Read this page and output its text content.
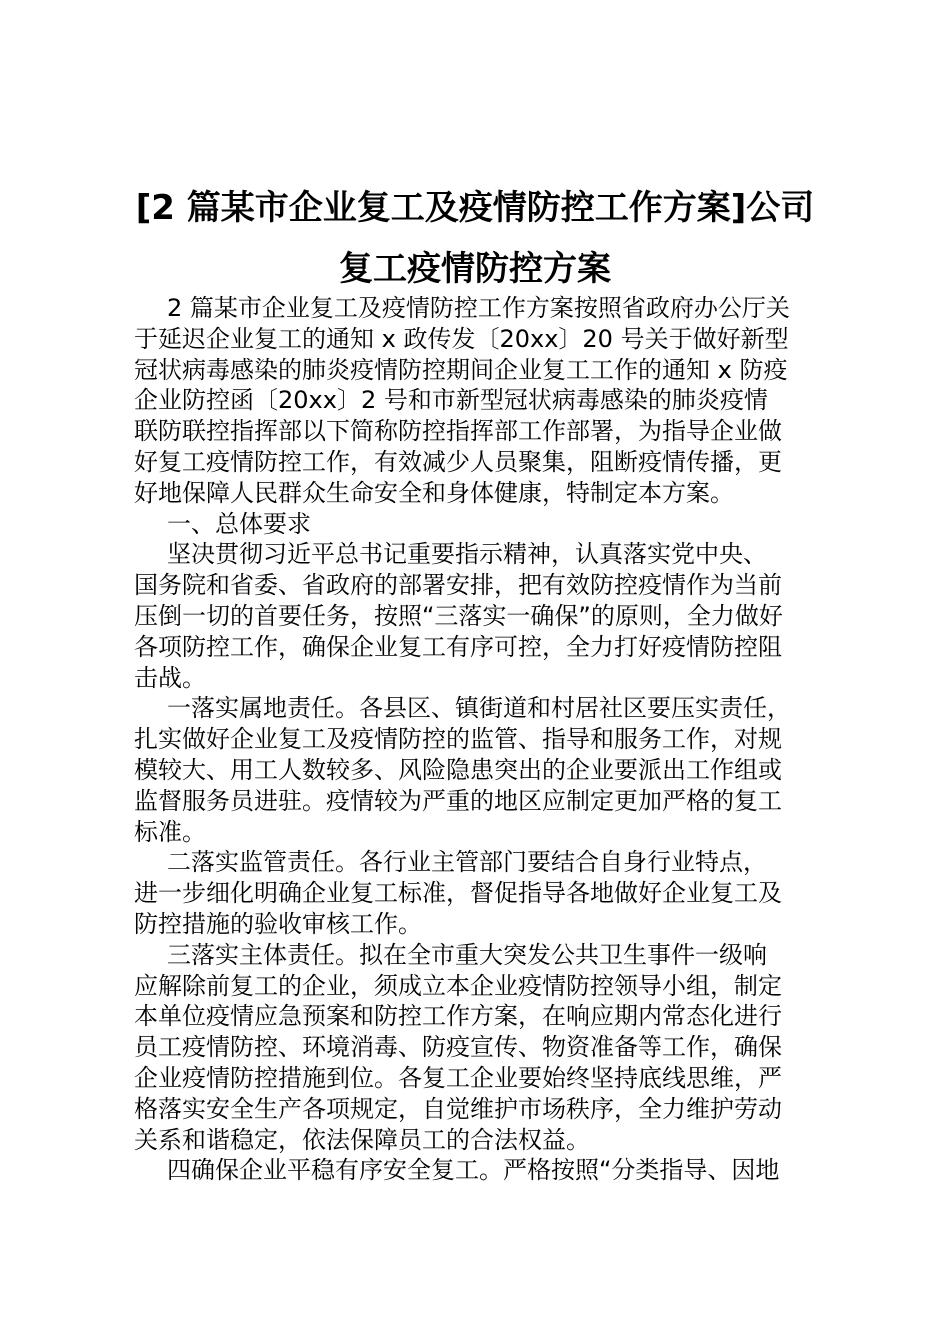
[2 篇某市企业复工及疫情防控工作方案]公司
复工疫情防控方案
2 篇某市企业复工及疫情防控工作方案按照省政府办公厅关
于延迟企业复工的通知 x 政传发〔20xx〕20 号关于做好新型
冠状病毒感染的肺炎疫情防控期间企业复工工作的通知 x 防疫
企业防控函〔20xx〕2 号和市新型冠状病毒感染的肺炎疫情
联防联控指挥部以下简称防控指挥部工作部署，为指导企业做
好复工疫情防控工作，有效减少人员聚集，阻断疫情传播，更
好地保障人民群众生命安全和身体健康，特制定本方案。
一、总体要求
坚决贯彻习近平总书记重要指示精神，认真落实党中央、
国务院和省委、省政府的部署安排，把有效防控疫情作为当前
压倒一切的首要任务，按照“三落实一确保”的原则，全力做好
各项防控工作，确保企业复工有序可控，全力打好疫情防控阻
击战。
一落实属地责任。各县区、镇街道和村居社区要压实责任，
扎实做好企业复工及疫情防控的监管、指导和服务工作，对规
模较大、用工人数较多、风险隐患突出的企业要派出工作组或
监督服务员进驻。疫情较为严重的地区应制定更加严格的复工
标准。
二落实监管责任。各行业主管部门要结合自身行业特点，
进一步细化明确企业复工标准，督促指导各地做好企业复工及
防控措施的验收审核工作。
三落实主体责任。拟在全市重大突发公共卫生事件一级响
应解除前复工的企业，须成立本企业疫情防控领导小组，制定
本单位疫情应急预案和防控工作方案，在响应期内常态化进行
员工疫情防控、环境消毒、防疫宣传、物资准备等工作，确保
企业疫情防控措施到位。各复工企业要始终坚持底线思维，严
格落实安全生产各项规定，自觉维护市场秩序，全力维护劳动
关系和谐稳定，依法保障员工的合法权益。
四确保企业平稳有序安全复工。严格按照“分类指导、因地
